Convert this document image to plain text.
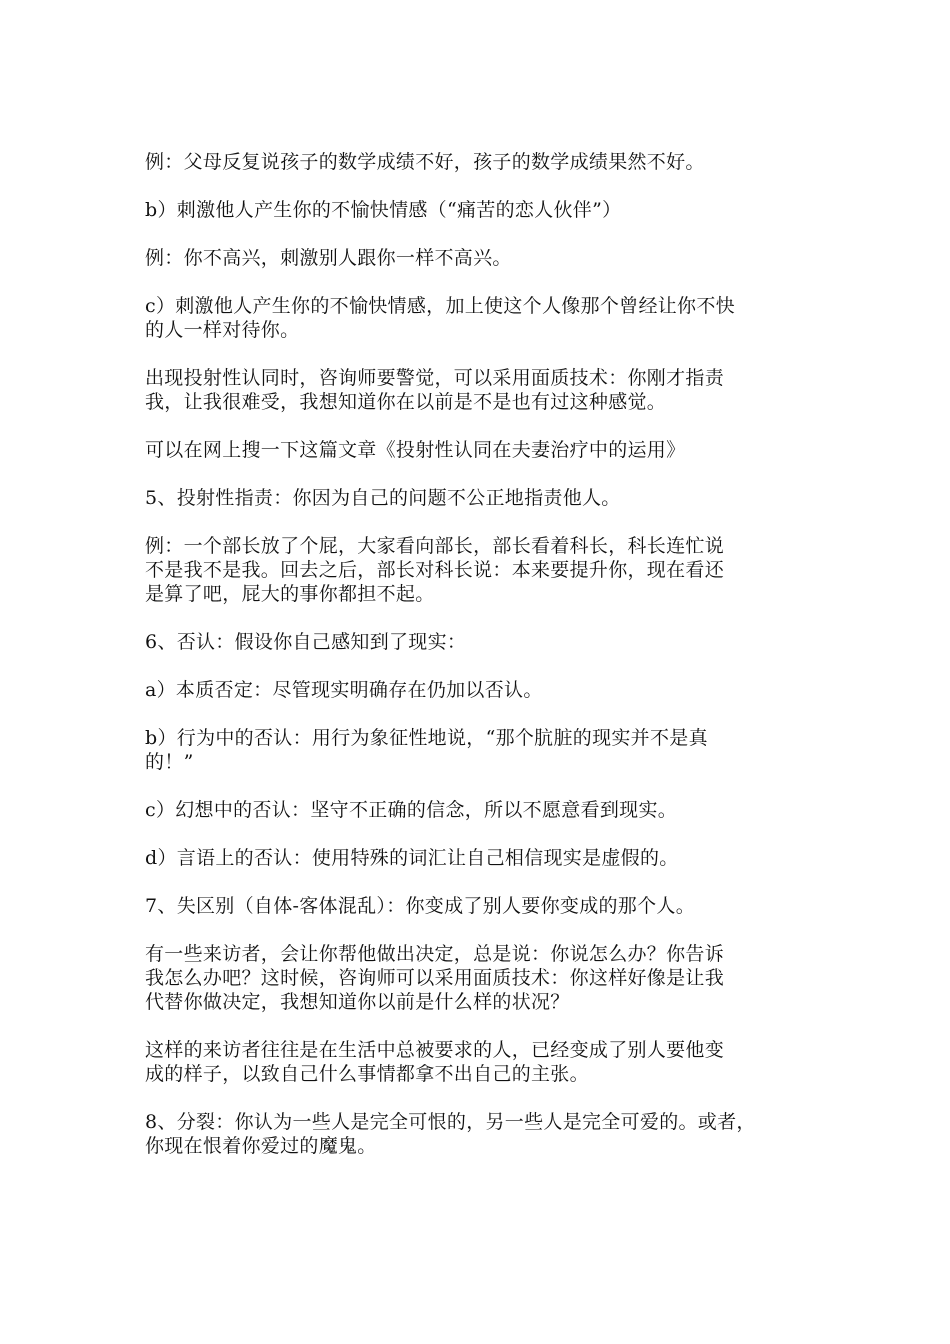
例：父母反复说孩子的数学成绩不好，孩子的数学成绩果然不好。

b）刺激他人产生你的不愉快情感（“痛苦的恋人伙伴”）

例：你不高兴，刺激别人跟你一样不高兴。

c）刺激他人产生你的不愉快情感，加上使这个人像那个曾经让你不快
的人一样对待你。

出现投射性认同时，咨询师要警觉，可以采用面质技术：你刚才指责
我，让我很难受，我想知道你在以前是不是也有过这种感觉。

可以在网上搜一下这篇文章《投射性认同在夫妻治疗中的运用》

5、投射性指责：你因为自己的问题不公正地指责他人。

例：一个部长放了个屁，大家看向部长，部长看着科长，科长连忙说
不是我不是我。回去之后，部长对科长说：本来要提升你，现在看还
是算了吧，屁大的事你都担不起。

6、否认：假设你自己感知到了现实：

a）本质否定：尽管现实明确存在仍加以否认。

b）行为中的否认：用行为象征性地说，“那个肮脏的现实并不是真
的！”

c）幻想中的否认：坚守不正确的信念，所以不愿意看到现实。

d）言语上的否认：使用特殊的词汇让自己相信现实是虚假的。

7、失区别（自体-客体混乱）：你变成了别人要你变成的那个人。

有一些来访者，会让你帮他做出决定，总是说：你说怎么办？你告诉
我怎么办吧？这时候，咨询师可以采用面质技术：你这样好像是让我
代替你做决定，我想知道你以前是什么样的状况？

这样的来访者往往是在生活中总被要求的人，已经变成了别人要他变
成的样子，以致自己什么事情都拿不出自己的主张。

8、分裂：你认为一些人是完全可恨的，另一些人是完全可爱的。或者，
你现在恨着你爱过的魔鬼。
